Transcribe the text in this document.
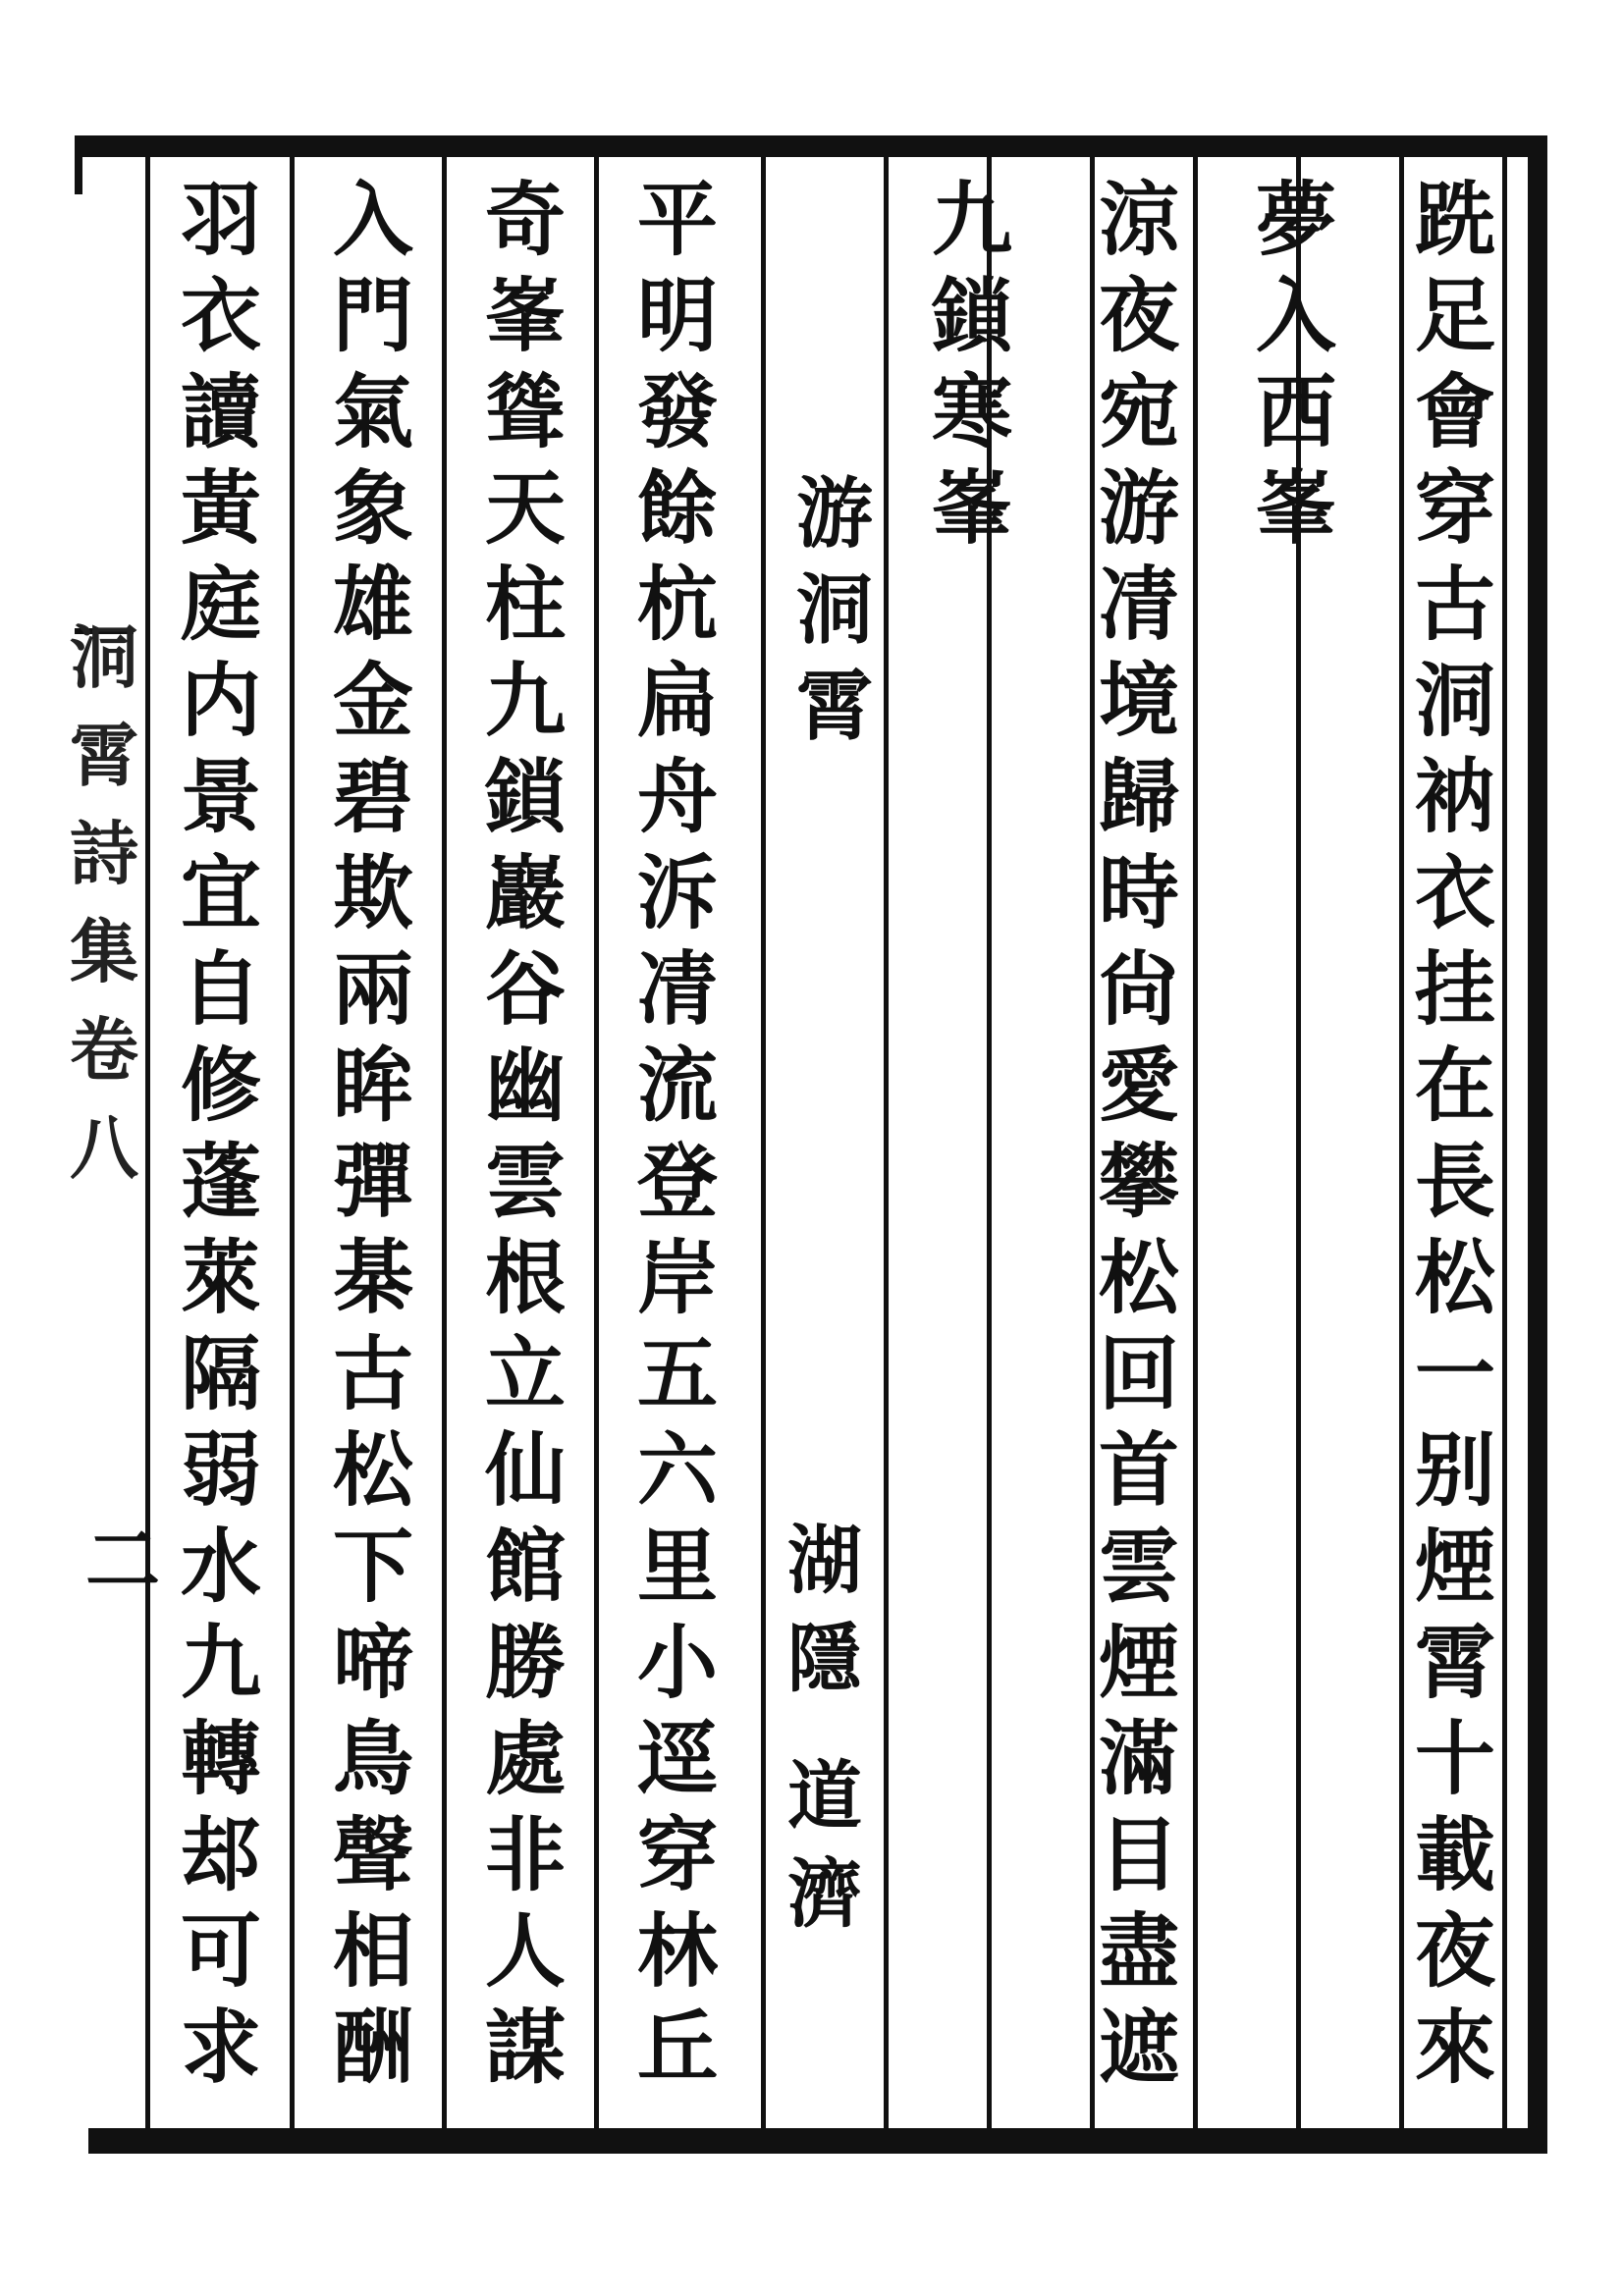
跣
足
會
穿
古
洞
衲
衣
挂
在
長
松
一
别
煙
霄
十
載
夜
來
夢
入
西
峯
涼
夜
宛
游
凊
境
歸
時
尙
愛
攀
松
回
首
雲
煙
滿
目
盡
遮
九
鎖
寒
峯
游
洞
霄
湖
隱
道
濟
平
明
發
餘
杭
扁
舟
泝
凊
流
登
岸
五
六
里
小
逕
穿
林
丘
奇
峯
聳
天
柱
九
鎖
巖
谷
幽
雲
根
立
仙
館
勝
處
非
人
謀
入
門
氣
象
雄
金
碧
欺
兩
眸
彈
棊
古
松
下
啼
鳥
聲
相
酬
羽
衣
讀
黃
庭
内
景
宜
自
修
蓬
萊
隔
弱
水
九
轉
𨚫
可
求
洞
霄
詩
集
卷
八
二
